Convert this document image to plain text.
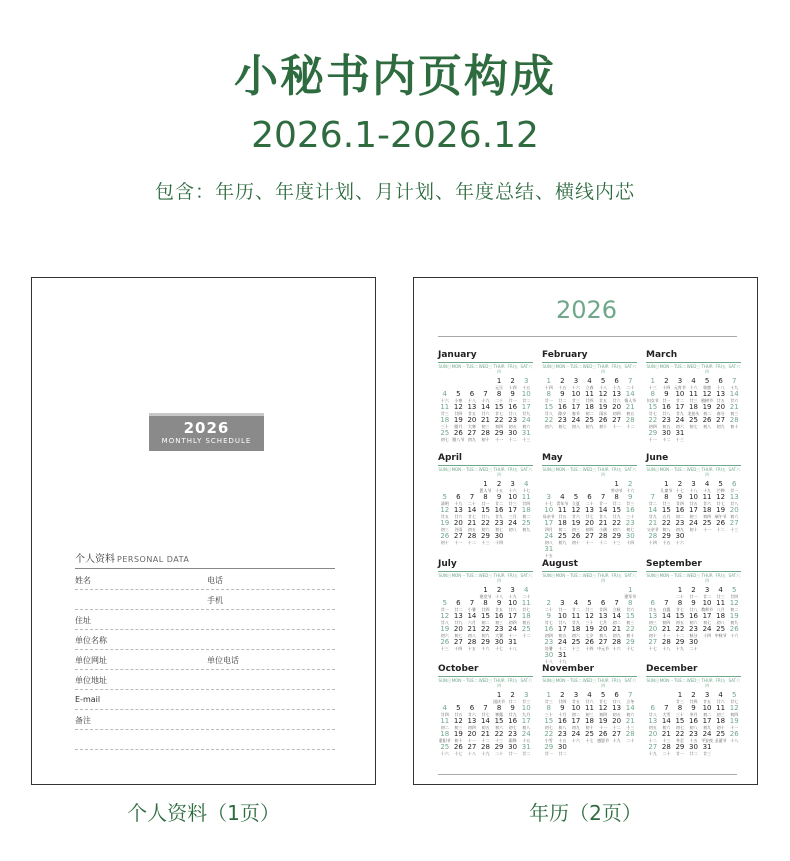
小秘书内页构成
2026.1-2026.12
包含：年历、年度计划、月计划、年度总结、横线内芯
2026
MONTHLY SCHEDULE
个人资料 PERSONAL DATA
姓名	电话
手机
住址
单位名称
单位网址	单位电话
单位地址
E-mail
备注
个人资料（1页）
2026
January
SUN日 MON一 TUE二 WED三 THUR四
FRI五 SAT六
1
元旦
2
十四
3
十五
4
十六
5
小寒
6
十八
7
十九
8
二十
9
廿一
10
廿二
11
廿三
12
廿四
13
廿五
14
廿六
15
廿七
16
廿八
17
廿九
18
三十
19
腊月
20
大寒
21
初三
22
初四
23
初五
24
初六
25
初七
26
腊八节
27
初九
28
初十
29
十一
30
十二
31
十三
February
SUN日 MON一 TUE二 WED三 THUR四
FRI五 SAT六
1
十四
2
十五
3
十六
4
立春
5
十八
6
十九
7
二十
8
廿一
9
廿二
10
廿三
11
廿四
12
廿五
13
廿六
14
情人节
15
廿八
16
除夕
17
春节
18
初二
19
雨水
20
初四
21
初五
22
初六
23
初七
24
初八
25
初九
26
初十
27
十一
28
十二
March
SUN日 MON一 TUE二 WED三 THUR四
FRI五 SAT六
1
十三
2
十四
3
元宵节
4
十六
5
惊蛰
6
十八
7
十九
8
妇女节
9
廿一
10
廿二
11
廿三
12
植树节
13
廿五
14
廿六
15
廿七
16
廿八
17
廿九
18
龙抬头
19
初二
20
春分
21
初三
22
初四
23
初五
24
初六
25
初七
26
初八
27
初九
28
初十
29
十一
30
十二
31
十三
April
SUN日 MON一 TUE二 WED三 THUR四
FRI五 SAT六
1
愚人节
2
十五
3
十六
4
十七
5
清明
6
十九
7
二十
8
廿一
9
廿二
10
廿三
11
廿四
12
廿五
13
廿六
14
廿七
15
廿八
16
廿九
17
三月
18
初二
19
初三
20
谷雨
21
初五
22
初六
23
初七
24
初八
25
初九
26
初十
27
十一
28
十二
29
十三
30
十四
May
SUN日 MON一 TUE二 WED三 THUR四
FRI五 SAT六
1
劳动节
2
十六
3
十七
4
青年节
5
立夏
6
二十
7
廿一
8
廿二
9
廿三
10
母亲节
11
廿五
12
廿六
13
廿七
14
廿八
15
廿九
16
三十
17
四月
18
初二
19
初三
20
初四
21
小满
22
初六
23
初七
24
初八
25
初九
26
初十
27
十一
28
十二
29
十三
30
十四
31
十五
June
SUN日 MON一 TUE二 WED三 THUR四
FRI五 SAT六
1
儿童节
2
十七
3
十八
4
十九
5
芒种
6
廿一
7
廿二
8
廿三
9
廿四
10
廿五
11
廿六
12
廿七
13
廿八
14
廿九
15
五月
16
初二
17
初三
18
初四
19
端午节
20
初六
21
父亲节
22
初八
23
初九
24
初十
25
十一
26
十二
27
十三
28
十四
29
十五
30
十六
July
SUN日 MON一 TUE二 WED三 THUR四
FRI五 SAT六
1
建党节
2
十八
3
十九
4
二十
5
廿一
6
廿二
7
小暑
8
廿四
9
廿五
10
廿六
11
廿七
12
廿八
13
廿九
14
六月
15
初二
16
初三
17
初四
18
初五
19
初六
20
初七
21
初八
22
初九
23
大暑
24
十一
25
十二
26
十三
27
十四
28
十五
29
十六
30
十七
31
十八
August
SUN日 MON一 TUE二 WED三 THUR四
FRI五 SAT六
1
建军节
2
二十
3
廿一
4
廿二
5
廿三
6
廿四
7
立秋
8
廿六
9
廿七
10
廿八
11
廿九
12
三十
13
七月
14
初二
15
初三
16
初四
17
初五
18
初六
19
七夕
20
初八
21
初九
22
初十
23
处暑
24
十二
25
十三
26
十四
27
中元节
28
十六
29
十七
30
十八
31
十九
September
SUN日 MON一 TUE二 WED三 THUR四
FRI五 SAT六
1
二十
2
廿一
3
廿二
4
廿三
5
廿四
6
廿五
7
白露
8
廿七
9
廿八
10
教师节
11
八月
12
初二
13
初三
14
初四
15
初五
16
初六
17
初七
18
初八
19
初九
20
初十
21
十一
22
十二
23
秋分
24
十四
25
中秋节
26
十六
27
十七
28
十八
29
十九
30
二十
October
SUN日 MON一 TUE二 WED三 THUR四
FRI五 SAT六
1
国庆节
2
廿二
3
廿三
4
廿四
5
廿五
6
廿六
7
廿七
8
寒露
9
廿九
10
九月
11
初二
12
初三
13
初四
14
初五
15
初六
16
初七
17
初八
18
重阳节
19
初十
20
十一
21
十二
22
十三
23
霜降
24
十五
25
十六
26
十七
27
十八
28
十九
29
二十
30
廿一
31
廿二
November
SUN日 MON一 TUE二 WED三 THUR四
FRI五 SAT六
1
廿三
2
廿四
3
廿五
4
廿六
5
廿七
6
廿八
7
立冬
8
三十
9
十月
10
初二
11
初三
12
初四
13
初五
14
初六
15
初七
16
初八
17
初九
18
初十
19
十一
20
十二
21
十三
22
小雪
23
十五
24
十六
25
十七
26
感恩节
27
十九
28
二十
29
廿一
30
廿二
December
SUN日 MON一 TUE二 WED三 THUR四
FRI五 SAT六
1
廿三
2
廿四
3
廿五
4
廿六
5
廿七
6
廿八
7
大雪
8
三十
9
冬月
10
初二
11
初三
12
初四
13
初五
14
初六
15
初七
16
初八
17
初九
18
初十
19
十一
20
十二
21
十三
22
冬至
23
十五
24
平安夜
25
圣诞节
26
十八
27
十九
28
二十
29
廿一
30
廿二
31
廿三
年历（2页）
